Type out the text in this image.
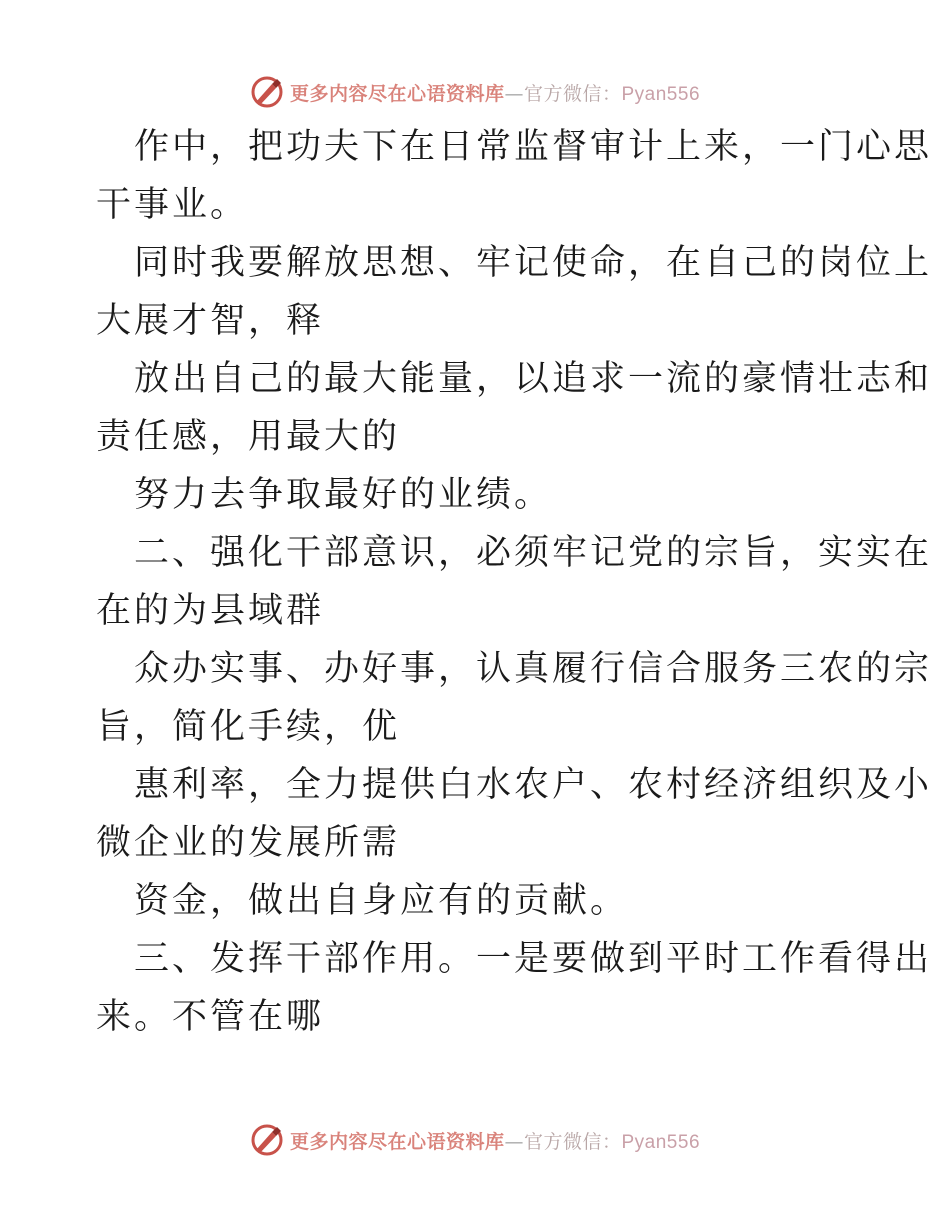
更多内容尽在心语资料库—官方微信：Pyan556
作中，把功夫下在日常监督审计上来，一门心思
干事业。
同时我要解放思想、牢记使命，在自己的岗位上
大展才智，释
放出自己的最大能量，以追求一流的豪情壮志和
责任感，用最大的
努力去争取最好的业绩。
二、强化干部意识，必须牢记党的宗旨，实实在
在的为县域群
众办实事、办好事，认真履行信合服务三农的宗
旨，简化手续，优
惠利率，全力提供白水农户、农村经济组织及小
微企业的发展所需
资金，做出自身应有的贡献。
三、发挥干部作用。一是要做到平时工作看得出
来。不管在哪
更多内容尽在心语资料库—官方微信：Pyan556
